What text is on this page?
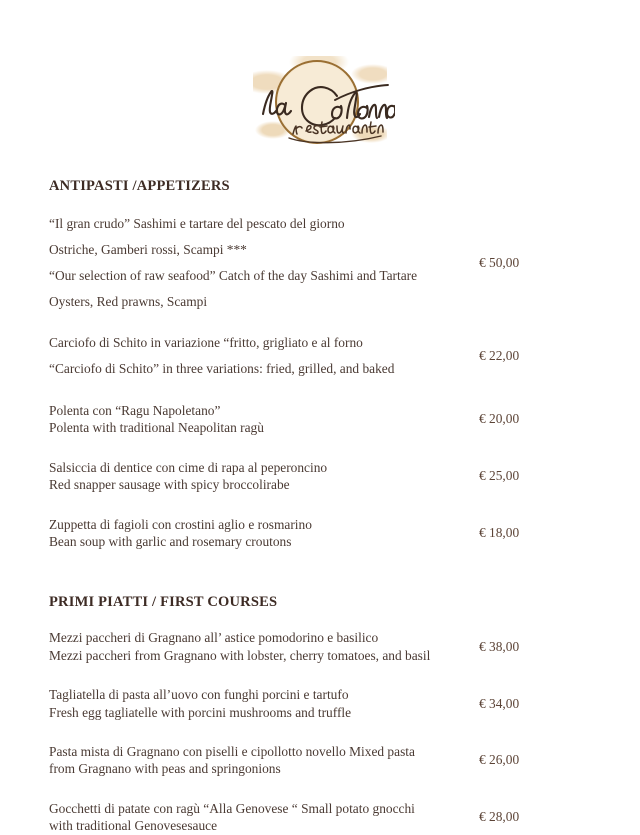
ANTIPASTI /APPETIZERS
“Il gran crudo” Sashimi e tartare del pescato del giorno
Ostriche, Gamberi rossi, Scampi ***
“Our selection of raw seafood” Catch of the day Sashimi and Tartare
Oysters, Red prawns, Scampi
€ 50,00
Carciofo di Schito in variazione “fritto, grigliato e al forno
“Carciofo di Schito” in three variations: fried, grilled, and baked
€ 22,00
Polenta con “Ragu Napoletano”
Polenta with traditional Neapolitan ragù
€ 20,00
Salsiccia di dentice con cime di rapa al peperoncino
Red snapper sausage with spicy broccolirabe
€ 25,00
Zuppetta di fagioli con crostini aglio e rosmarino
Bean soup with garlic and rosemary croutons
€ 18,00
PRIMI PIATTI / FIRST COURSES
Mezzi paccheri di Gragnano all’ astice pomodorino e basilico
Mezzi paccheri from Gragnano with lobster, cherry tomatoes, and basil
€ 38,00
Tagliatella di pasta all’uovo con funghi porcini e tartufo
Fresh egg tagliatelle with porcini mushrooms and truffle
€ 34,00
Pasta mista di Gragnano con piselli e cipollotto novello Mixed pasta
from Gragnano with peas and springonions
€ 26,00
Gocchetti di patate con ragù “Alla Genovese “ Small potato gnocchi
with traditional Genovesesauce
€ 28,00
